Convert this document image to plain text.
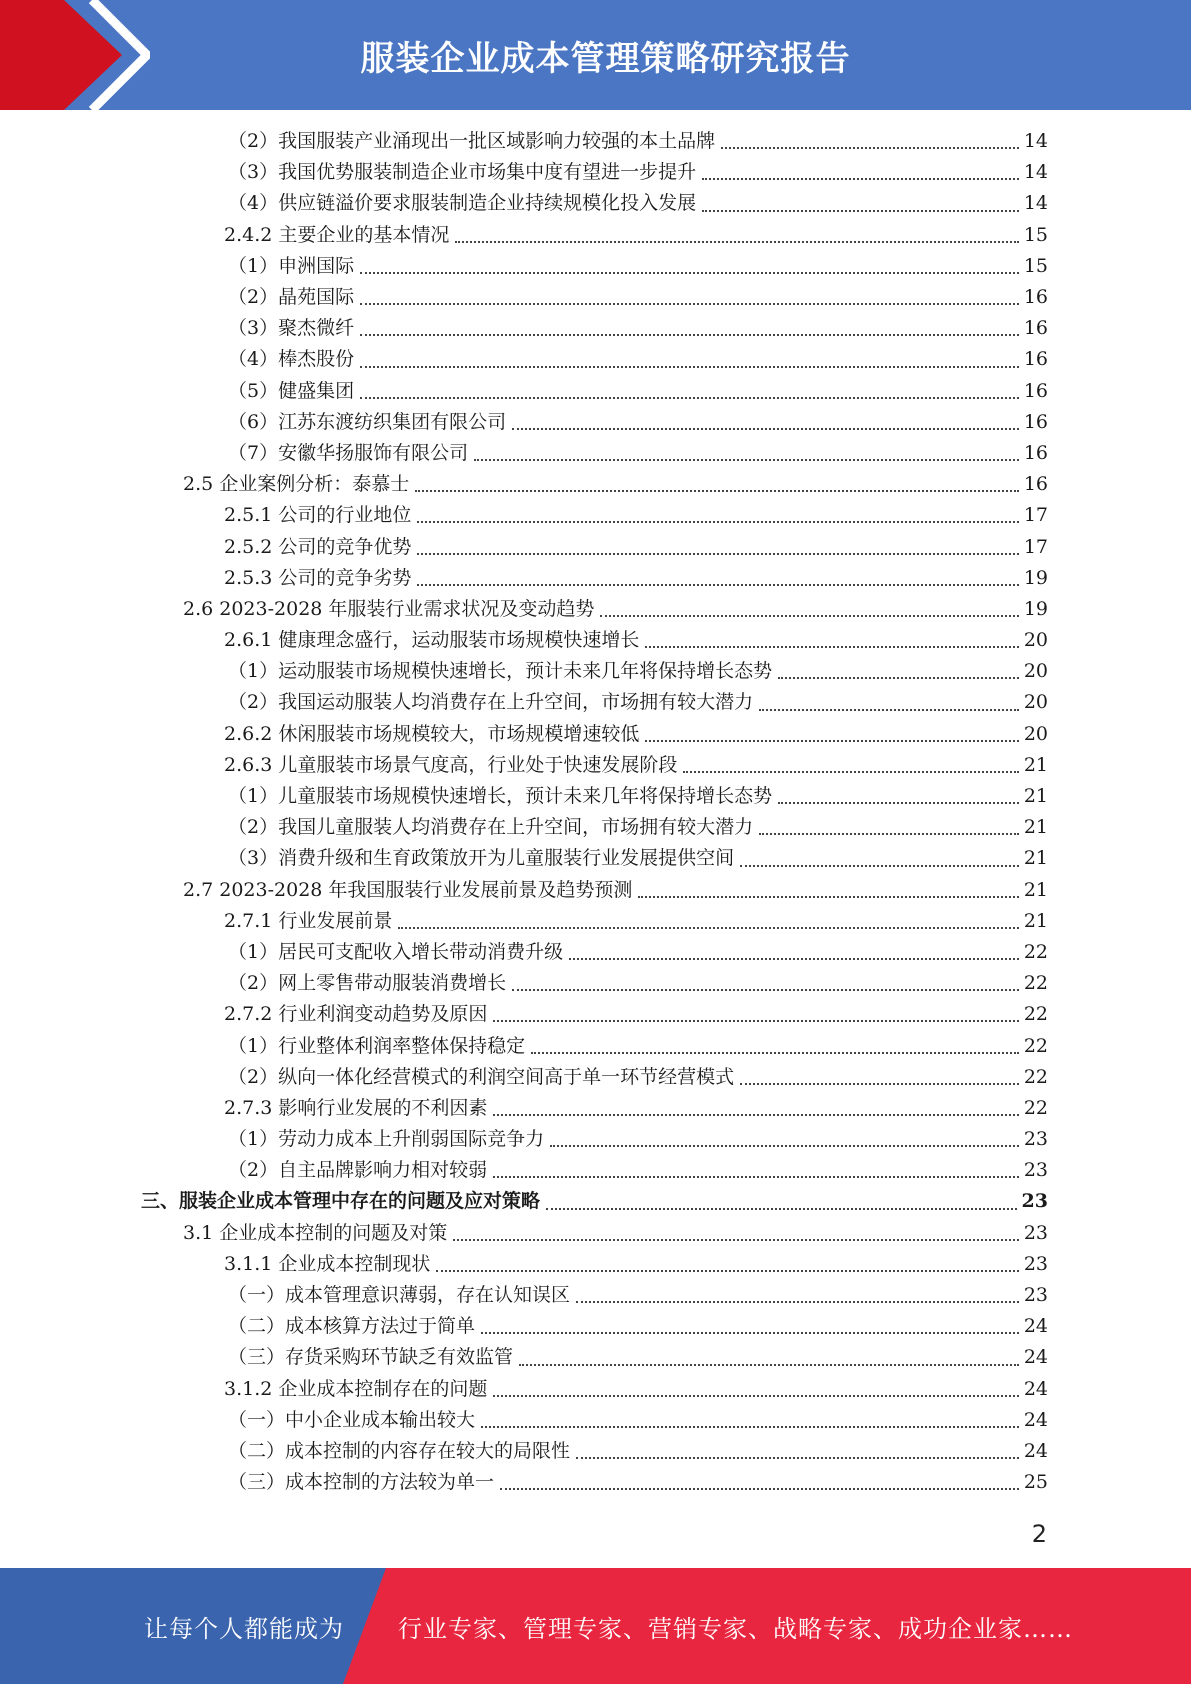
服装企业成本管理策略研究报告
（2）我国服装产业涌现出一批区域影响力较强的本土品牌	14
（3）我国优势服装制造企业市场集中度有望进一步提升	14
（4）供应链溢价要求服装制造企业持续规模化投入发展	14
2.4.2 主要企业的基本情况	15
（1）申洲国际	15
（2）晶苑国际	16
（3）聚杰微纤	16
（4）棒杰股份	16
（5）健盛集团	16
（6）江苏东渡纺织集团有限公司	16
（7）安徽华扬服饰有限公司	16
2.5 企业案例分析：泰慕士	16
2.5.1 公司的行业地位	17
2.5.2 公司的竞争优势	17
2.5.3 公司的竞争劣势	19
2.6 2023-2028 年服装行业需求状况及变动趋势	19
2.6.1 健康理念盛行，运动服装市场规模快速增长	20
（1）运动服装市场规模快速增长，预计未来几年将保持增长态势	20
（2）我国运动服装人均消费存在上升空间，市场拥有较大潜力	20
2.6.2 休闲服装市场规模较大，市场规模增速较低	20
2.6.3 儿童服装市场景气度高，行业处于快速发展阶段	21
（1）儿童服装市场规模快速增长，预计未来几年将保持增长态势	21
（2）我国儿童服装人均消费存在上升空间，市场拥有较大潜力	21
（3）消费升级和生育政策放开为儿童服装行业发展提供空间	21
2.7 2023-2028 年我国服装行业发展前景及趋势预测	21
2.7.1 行业发展前景	21
（1）居民可支配收入增长带动消费升级	22
（2）网上零售带动服装消费增长	22
2.7.2 行业利润变动趋势及原因	22
（1）行业整体利润率整体保持稳定	22
（2）纵向一体化经营模式的利润空间高于单一环节经营模式	22
2.7.3 影响行业发展的不利因素	22
（1）劳动力成本上升削弱国际竞争力	23
（2）自主品牌影响力相对较弱	23
三、服装企业成本管理中存在的问题及应对策略	23
3.1 企业成本控制的问题及对策	23
3.1.1 企业成本控制现状	23
（一）成本管理意识薄弱，存在认知误区	23
（二）成本核算方法过于简单	24
（三）存货采购环节缺乏有效监管	24
3.1.2 企业成本控制存在的问题	24
（一）中小企业成本输出较大	24
（二）成本控制的内容存在较大的局限性	24
（三）成本控制的方法较为单一	25
2
让每个人都能成为 行业专家、管理专家、营销专家、战略专家、成功企业家……
